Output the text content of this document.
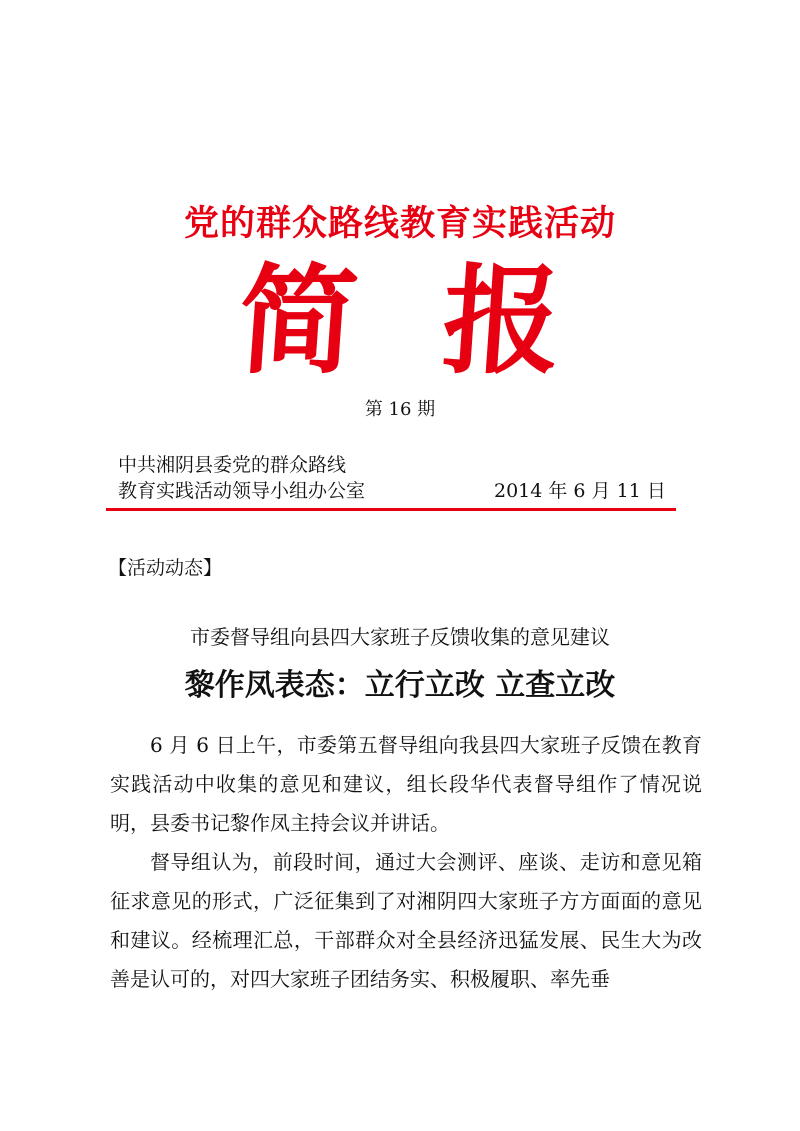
党的群众路线教育实践活动
简 报
第 16 期
中共湘阴县委党的群众路线
教育实践活动领导小组办公室	2014 年 6 月 11 日
【活动动态】
市委督导组向县四大家班子反馈收集的意见建议
黎作凤表态：立行立改 立查立改

6 月 6 日上午，市委第五督导组向我县四大家班子反馈在教育实践活动中收集的意见和建议，组长段华代表督导组作了情况说明，县委书记黎作凤主持会议并讲话。

督导组认为，前段时间，通过大会测评、座谈、走访和意见箱征求意见的形式，广泛征集到了对湘阴四大家班子方方面面的意见和建议。经梳理汇总，干部群众对全县经济迅猛发展、民生大为改善是认可的，对四大家班子团结务实、积极履职、率先垂
